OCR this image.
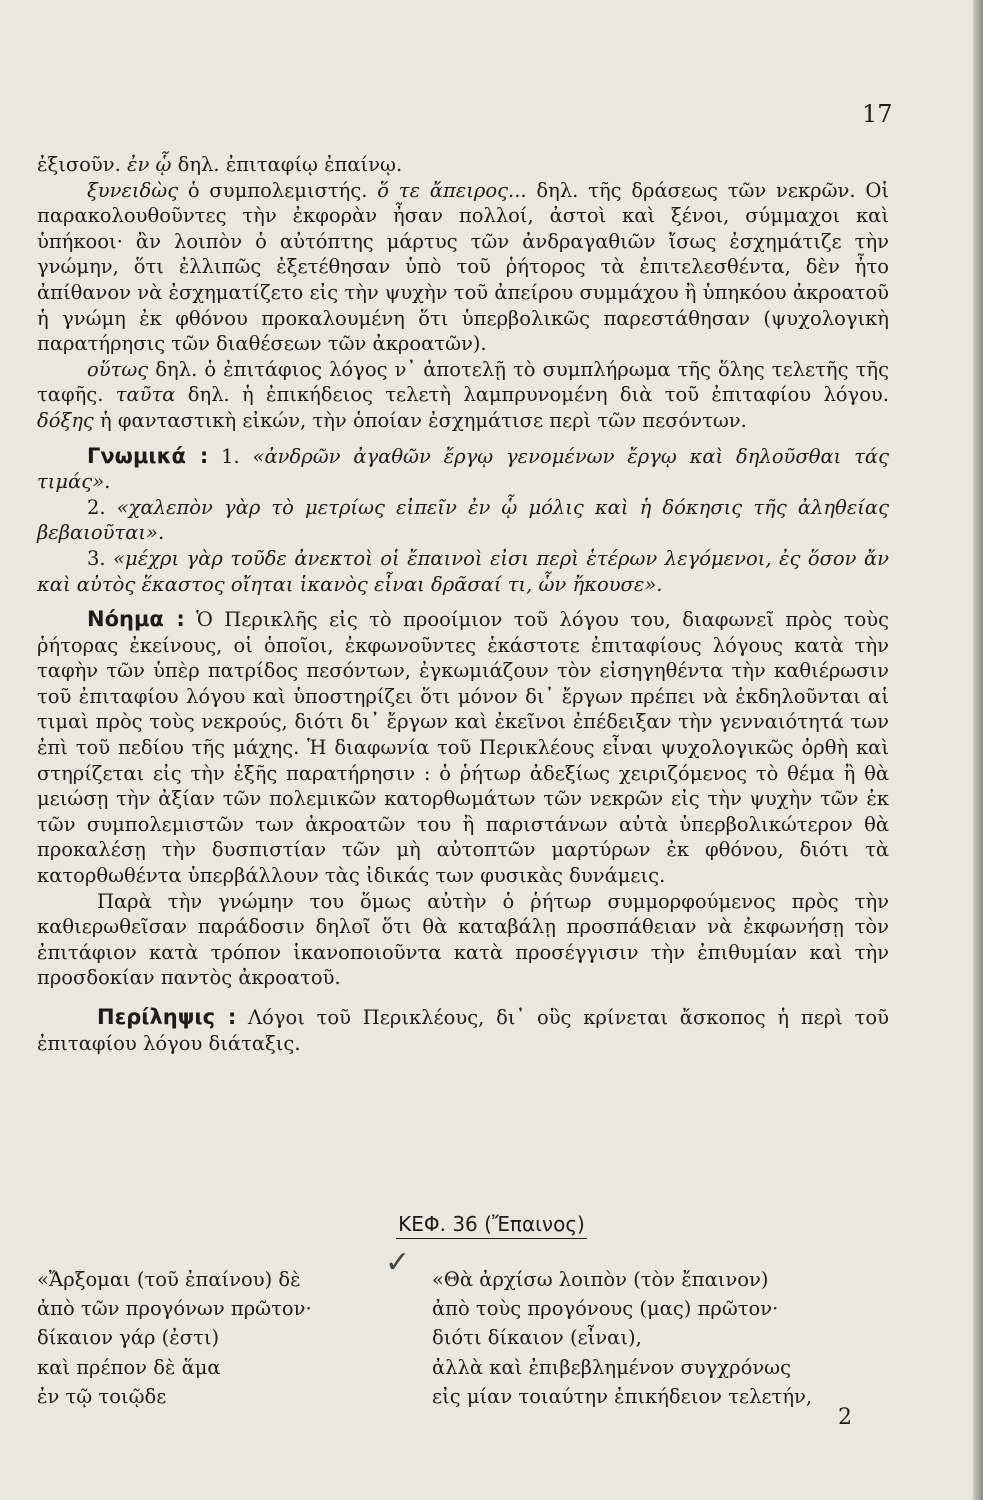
17

ἐξισοῦν. ἐν ᾧ δηλ. ἐπιταφίῳ ἐπαίνῳ.

ξυνειδὼς ὁ συμπολεμιστής. ὅ τε ἄπειρος... δηλ. τῆς δράσεως τῶν νεκρῶν. Οἱ παρακολουθοῦντες τὴν ἐκφορὰν ἦσαν πολλοί, ἀστοὶ καὶ ξένοι, σύμμαχοι καὶ ὑπήκοοι· ἂν λοιπὸν ὁ αὐτόπτης μάρτυς τῶν ἀνδραγαθιῶν ἴσως ἐσχημάτιζε τὴν γνώμην, ὅτι ἐλλιπῶς ἐξετέθησαν ὑπὸ τοῦ ῥήτορος τὰ ἐπιτελεσθέντα, δὲν ἦτο ἀπίθανον νὰ ἐσχηματίζετο εἰς τὴν ψυχὴν τοῦ ἀπείρου συμμάχου ἢ ὑπηκόου ἀκροατοῦ ἡ γνώμη ἐκ φθόνου προκαλουμένη ὅτι ὑπερβολικῶς παρεστάθησαν (ψυχολογικὴ παρατήρησις τῶν διαθέσεων τῶν ἀκροατῶν).

οὕτως δηλ. ὁ ἐπιτάφιος λόγος ν᾿ ἀποτελῇ τὸ συμπλήρωμα τῆς ὅλης τελετῆς τῆς ταφῆς. ταῦτα δηλ. ἡ ἐπικήδειος τελετὴ λαμπρυνομένη διὰ τοῦ ἐπιταφίου λόγου. δόξης ἡ φανταστικὴ εἰκών, τὴν ὁποίαν ἐσχημάτισε περὶ τῶν πεσόντων.

Γνωμικά : 1. «ἀνδρῶν ἀγαθῶν ἔργῳ γενομένων ἔργῳ καὶ δηλοῦσθαι τάς τιμάς».

2. «χαλεπὸν γὰρ τὸ μετρίως εἰπεῖν ἐν ᾧ μόλις καὶ ἡ δόκησις τῆς ἀληθείας βεβαιοῦται».

3. «μέχρι γὰρ τοῦδε ἀνεκτοὶ οἱ ἔπαινοὶ εἰσι περὶ ἑτέρων λεγόμενοι, ἐς ὅσον ἄν καὶ αὐτὸς ἕκαστος οἴηται ἱκανὸς εἶναι δρᾶσαί τι, ὧν ἤκουσε».

Νόημα : Ὁ Περικλῆς εἰς τὸ προοίμιον τοῦ λόγου του, διαφωνεῖ πρὸς τοὺς ῥήτορας ἐκείνους, οἱ ὁποῖοι, ἐκφωνοῦντες ἑκάστοτε ἐπιταφίους λόγους κατὰ τὴν ταφὴν τῶν ὑπὲρ πατρίδος πεσόντων, ἐγκωμιάζουν τὸν εἰσηγηθέντα τὴν καθιέρωσιν τοῦ ἐπιταφίου λόγου καὶ ὑποστηρίζει ὅτι μόνον δι᾿ ἔργων πρέπει νὰ ἐκδηλοῦνται αἱ τιμαὶ πρὸς τοὺς νεκρούς, διότι δι᾿ ἔργων καὶ ἐκεῖνοι ἐπέδειξαν τὴν γενναιότητά των ἐπὶ τοῦ πεδίου τῆς μάχης. Ἡ διαφωνία τοῦ Περικλέους εἶναι ψυχολογικῶς ὀρθὴ καὶ στηρίζεται εἰς τὴν ἑξῆς παρατήρησιν : ὁ ῥήτωρ ἀδεξίως χειριζόμενος τὸ θέμα ἢ θὰ μειώσῃ τὴν ἀξίαν τῶν πολεμικῶν κατορθωμάτων τῶν νεκρῶν εἰς τὴν ψυχὴν τῶν ἐκ τῶν συμπολεμιστῶν των ἀκροατῶν του ἢ παριστάνων αὐτὰ ὑπερβολικώτερον θὰ προκαλέσῃ τὴν δυσπιστίαν τῶν μὴ αὐτοπτῶν μαρτύρων ἐκ φθόνου, διότι τὰ κατορθωθέντα ὑπερβάλλουν τὰς ἰδικάς των φυσικὰς δυνάμεις.

Παρὰ τὴν γνώμην του ὅμως αὐτὴν ὁ ῥήτωρ συμμορφούμενος πρὸς τὴν καθιερωθεῖσαν παράδοσιν δηλοῖ ὅτι θὰ καταβάλῃ προσπάθειαν νὰ ἐκφωνήσῃ τὸν ἐπιτάφιον κατὰ τρόπον ἱκανοποιοῦντα κατὰ προσέγγισιν τὴν ἐπιθυμίαν καὶ τὴν προσδοκίαν παντὸς ἀκροατοῦ.

Περίληψις : Λόγοι τοῦ Περικλέους, δι᾿ οὓς κρίνεται ἄσκοπος ἡ περὶ τοῦ ἐπιταφίου λόγου διάταξις.

ΚΕΦ. 36 (Ἔπαινος)
✓
«Ἄρξομαι (τοῦ ἐπαίνου) δὲ
ἀπὸ τῶν προγόνων πρῶτον·
δίκαιον γάρ (ἐστι)
καὶ πρέπον δὲ ἅμα
ἐν τῷ τοιῷδε
«Θὰ ἀρχίσω λοιπὸν (τὸν ἔπαινον)
ἀπὸ τοὺς προγόνους (μας) πρῶτον·
διότι δίκαιον (εἶναι),
ἀλλὰ καὶ ἐπιβεβλημένον συγχρόνως
εἰς μίαν τοιαύτην ἐπικήδειον τελετήν,
2
